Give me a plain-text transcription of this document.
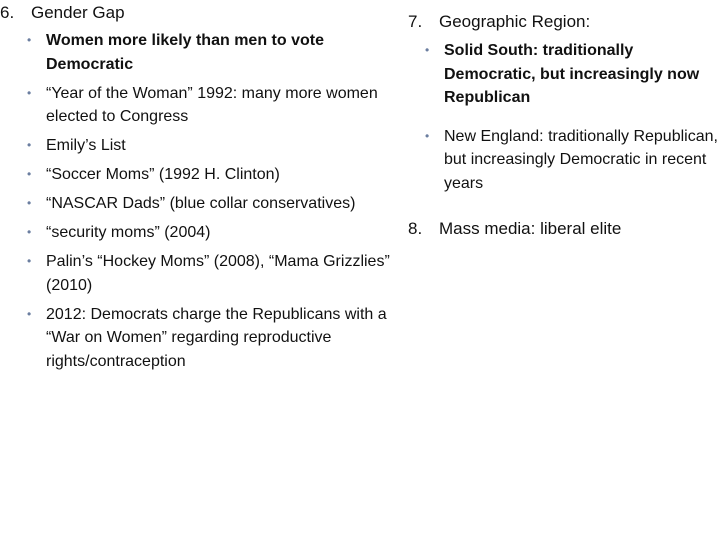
6. Gender Gap
• Women more likely than men to vote Democratic
• “Year of the Woman” 1992: many more women elected to Congress
• Emily’s List
• “Soccer Moms” (1992 H. Clinton)
• “NASCAR Dads” (blue collar conservatives)
• “security moms” (2004)
• Palin’s “Hockey Moms” (2008), “Mama Grizzlies” (2010)
• 2012: Democrats charge the Republicans with a “War on Women” regarding reproductive rights/contraception
7. Geographic Region:
• Solid South: traditionally Democratic, but increasingly now Republican
• New England: traditionally Republican, but increasingly Democratic in recent years
8. Mass media: liberal elite
